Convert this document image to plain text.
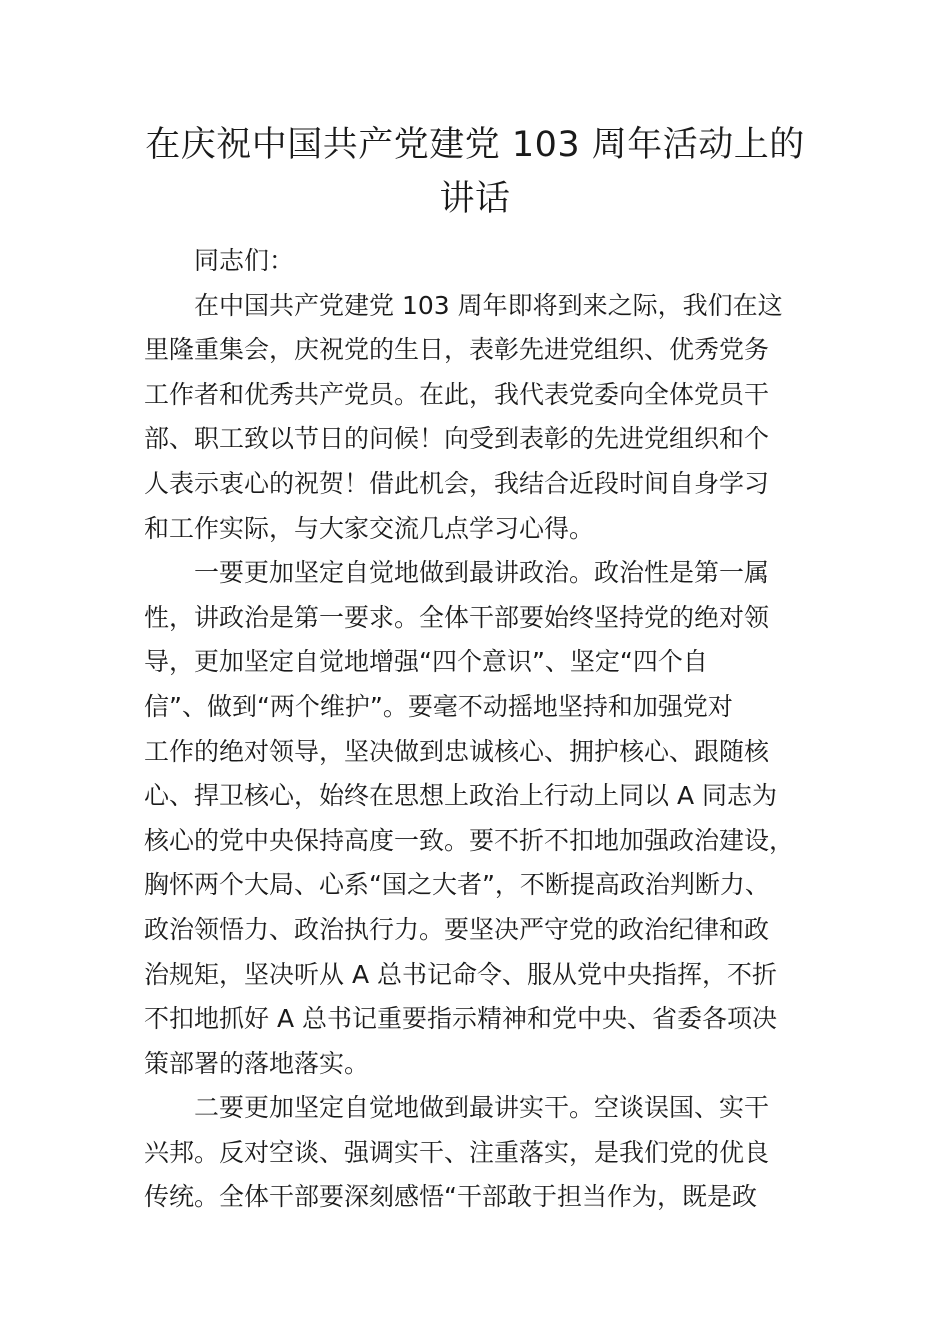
在庆祝中国共产党建党 103 周年活动上的
讲话
同志们：
在中国共产党建党 103 周年即将到来之际，我们在这
里隆重集会，庆祝党的生日，表彰先进党组织、优秀党务
工作者和优秀共产党员。在此，我代表党委向全体党员干
部、职工致以节日的问候！向受到表彰的先进党组织和个
人表示衷心的祝贺！借此机会，我结合近段时间自身学习
和工作实际，与大家交流几点学习心得。
一要更加坚定自觉地做到最讲政治。政治性是第一属
性，讲政治是第一要求。全体干部要始终坚持党的绝对领
导，更加坚定自觉地增强“四个意识”、坚定“四个自
信”、做到“两个维护”。要毫不动摇地坚持和加强党对
工作的绝对领导，坚决做到忠诚核心、拥护核心、跟随核
心、捍卫核心，始终在思想上政治上行动上同以 A 同志为
核心的党中央保持高度一致。要不折不扣地加强政治建设，
胸怀两个大局、心系“国之大者”，不断提高政治判断力、
政治领悟力、政治执行力。要坚决严守党的政治纪律和政
治规矩，坚决听从 A 总书记命令、服从党中央指挥，不折
不扣地抓好 A 总书记重要指示精神和党中央、省委各项决
策部署的落地落实。
二要更加坚定自觉地做到最讲实干。空谈误国、实干
兴邦。反对空谈、强调实干、注重落实，是我们党的优良
传统。全体干部要深刻感悟“干部敢于担当作为，既是政
